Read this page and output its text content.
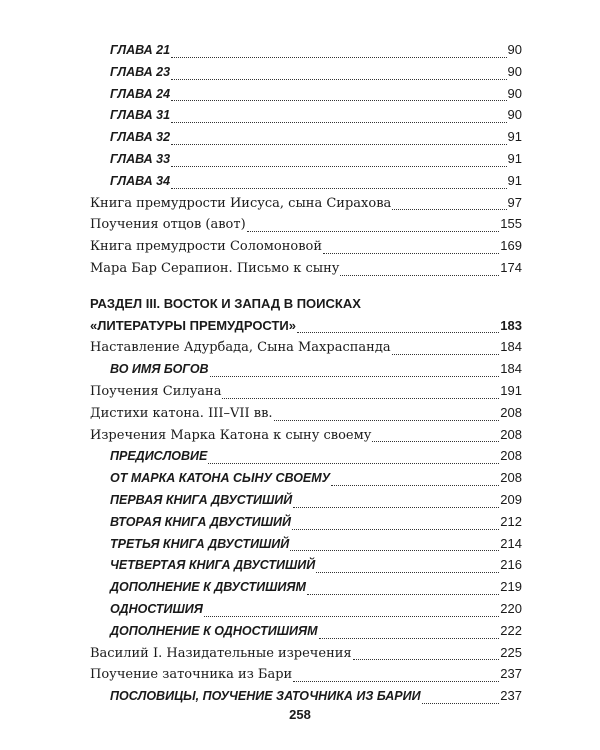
ГЛАВА 21	90
ГЛАВА 23	90
ГЛАВА 24	90
ГЛАВА 31	90
ГЛАВА 32	91
ГЛАВА 33	91
ГЛАВА 34	91
Книга премудрости Иисуса, сына Сирахова	97
Поучения отцов (авот)	155
Книга премудрости Соломоновой	169
Мара Бар Серапион. Письмо к сыну	174
РАЗДЕЛ III. ВОСТОК И ЗАПАД В ПОИСКАХ
«ЛИТЕРАТУРЫ ПРЕМУДРОСТИ»	183
Наставление Адурбада, Сына Махраспанда	184
ВО ИМЯ БОГОВ	184
Поучения Силуана	191
Дистихи катона. III–VII вв.	208
Изречения Марка Катона к сыну своему	208
ПРЕДИСЛОВИЕ	208
ОТ МАРКА КАТОНА СЫНУ СВОЕМУ	208
ПЕРВАЯ КНИГА ДВУСТИШИЙ	209
ВТОРАЯ КНИГА ДВУСТИШИЙ	212
ТРЕТЬЯ КНИГА ДВУСТИШИЙ	214
ЧЕТВЕРТАЯ КНИГА ДВУСТИШИЙ	216
ДОПОЛНЕНИЕ К ДВУСТИШИЯМ	219
ОДНОСТИШИЯ	220
ДОПОЛНЕНИЕ К ОДНОСТИШИЯМ	222
Василий I. Назидательные изречения	225
Поучение заточника из Бари	237
ПОСЛОВИЦЫ, ПОУЧЕНИЕ ЗАТОЧНИКА ИЗ БАРИИ	237
258
